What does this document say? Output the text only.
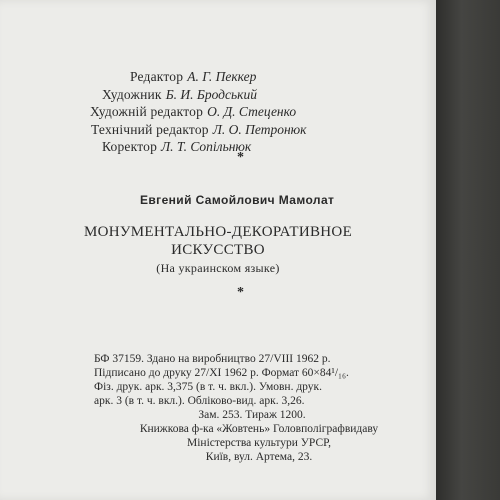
Редактор А. Г. Пеккер
Художник Б. И. Бродський
Художній редактор О. Д. Стеценко
Технічний редактор Л. О. Петронюк
Коректор Л. Т. Сопільнюк
*
Евгений Самойлович Мамолат
МОНУМЕНТАЛЬНО-ДЕКОРАТИВНОЕ
ИСКУССТВО
(На украинском языке)
*
БФ 37159. Здано на виробництво 27/VIII 1962 р.
Підписано до друку 27/XI 1962 р. Формат 60×84¹/₁₆.
Фіз. друк. арк. 3,375 (в т. ч. вкл.). Умовн. друк.
арк. 3 (в т. ч. вкл.). Обліково-вид. арк. 3,26.
Зам. 253. Тираж 1200.
Книжкова ф-ка «Жовтень» Головполіграфвидаву
Міністерства культури УРСР,
Київ, вул. Артема, 23.
